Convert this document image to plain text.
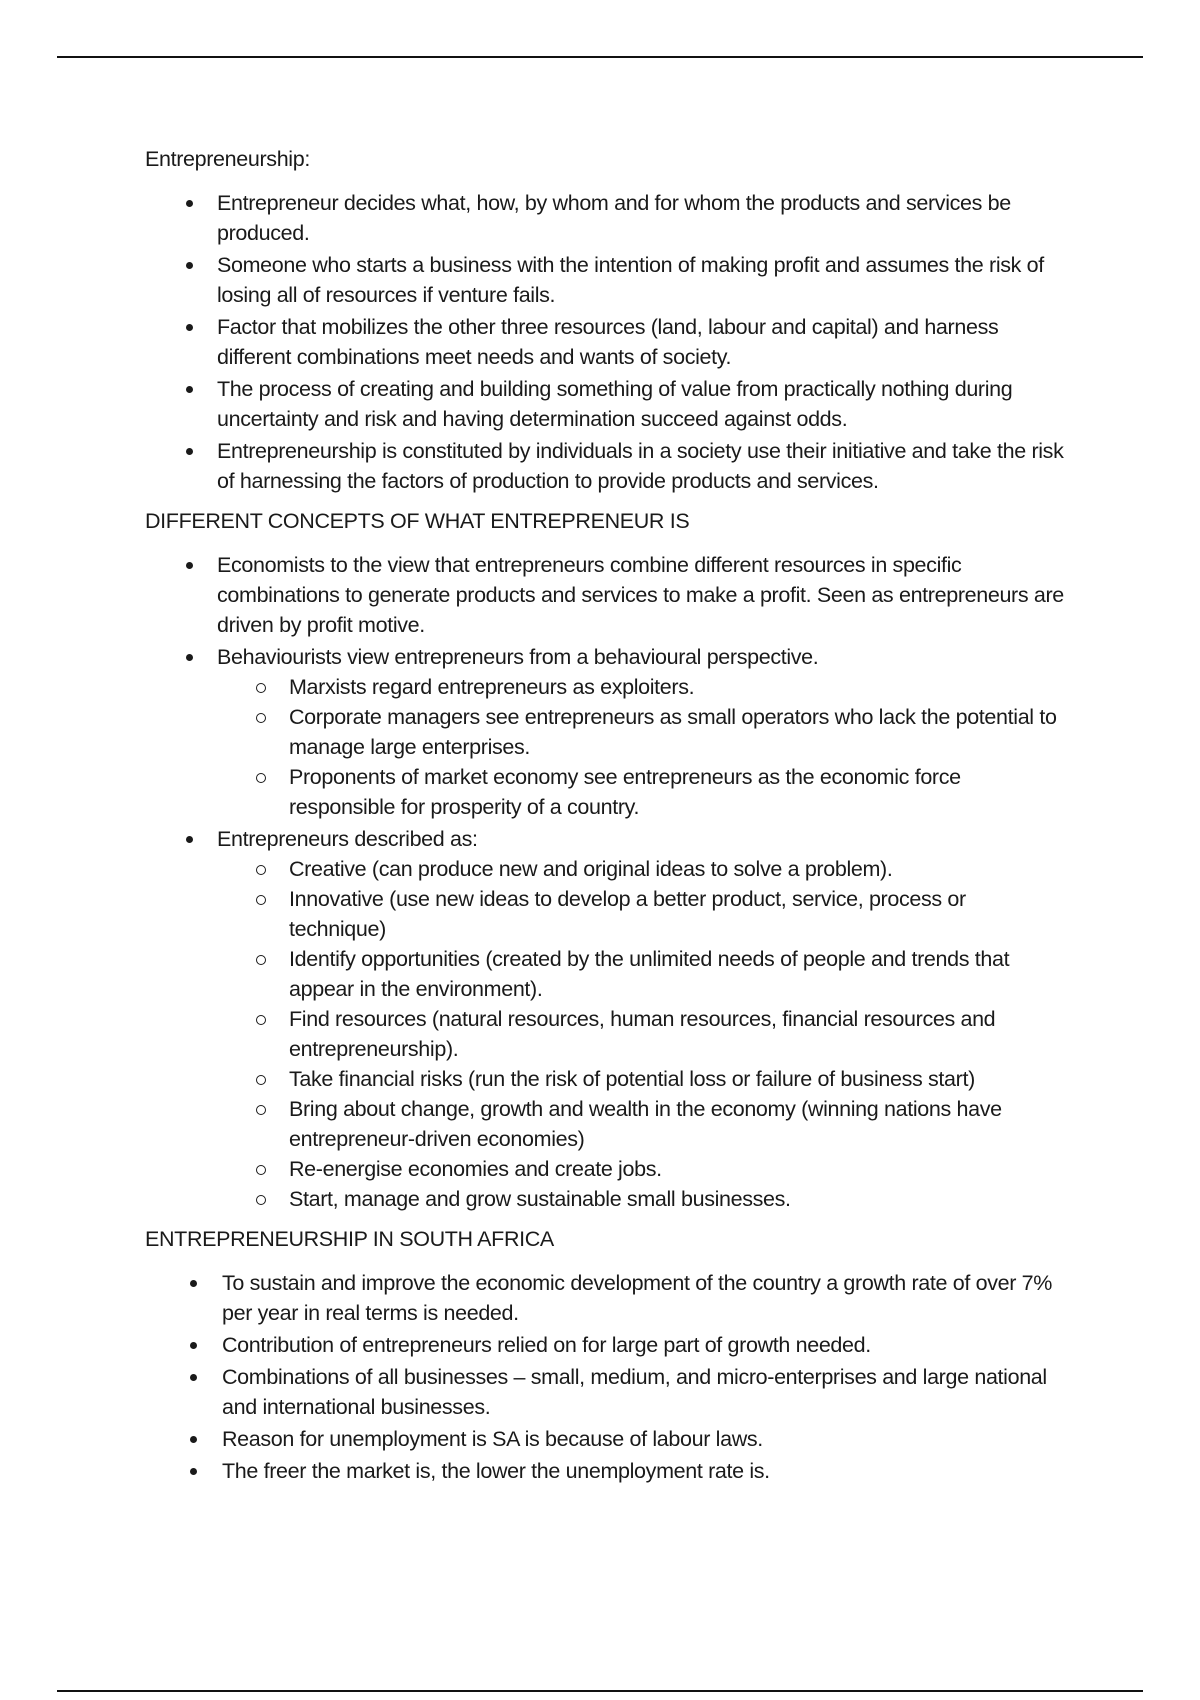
Entrepreneurship:

Entrepreneur decides what, how, by whom and for whom the products and services be produced.
Someone who starts a business with the intention of making profit and assumes the risk of losing all of resources if venture fails.
Factor that mobilizes the other three resources (land, labour and capital) and harness different combinations meet needs and wants of society.
The process of creating and building something of value from practically nothing during uncertainty and risk and having determination succeed against odds.
Entrepreneurship is constituted by individuals in a society use their initiative and take the risk of harnessing the factors of production to provide products and services.

DIFFERENT CONCEPTS OF WHAT ENTREPRENEUR IS

Economists to the view that entrepreneurs combine different resources in specific combinations to generate products and services to make a profit. Seen as entrepreneurs are driven by profit motive.
Behaviourists view entrepreneurs from a behavioural perspective.
Marxists regard entrepreneurs as exploiters.
Corporate managers see entrepreneurs as small operators who lack the potential to manage large enterprises.
Proponents of market economy see entrepreneurs as the economic force responsible for prosperity of a country.
Entrepreneurs described as:
Creative (can produce new and original ideas to solve a problem).
Innovative (use new ideas to develop a better product, service, process or technique)
Identify opportunities (created by the unlimited needs of people and trends that appear in the environment).
Find resources (natural resources, human resources, financial resources and entrepreneurship).
Take financial risks (run the risk of potential loss or failure of business start)
Bring about change, growth and wealth in the economy (winning nations have entrepreneur-driven economies)
Re-energise economies and create jobs.
Start, manage and grow sustainable small businesses.

ENTREPRENEURSHIP IN SOUTH AFRICA

To sustain and improve the economic development of the country a growth rate of over 7% per year in real terms is needed.
Contribution of entrepreneurs relied on for large part of growth needed.
Combinations of all businesses – small, medium, and micro-enterprises and large national and international businesses.
Reason for unemployment is SA is because of labour laws.
The freer the market is, the lower the unemployment rate is.
